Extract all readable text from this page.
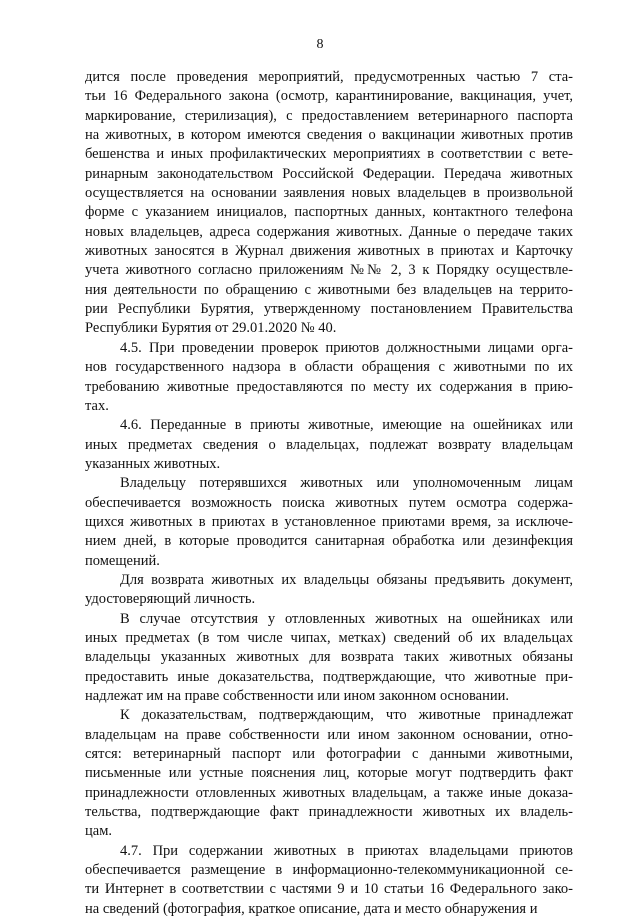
8
дится после проведения мероприятий, предусмотренных частью 7 ста-
тьи 16 Федерального закона (осмотр, карантинирование, вакцинация, учет,
маркирование, стерилизация), с предоставлением ветеринарного паспорта
на животных, в котором имеются сведения о вакцинации животных против
бешенства и иных профилактических мероприятиях в соответствии с вете-
ринарным законодательством Российской Федерации. Передача животных
осуществляется на основании заявления новых владельцев в произвольной
форме с указанием инициалов, паспортных данных, контактного телефона
новых владельцев, адреса содержания животных. Данные о передаче таких
животных заносятся в Журнал движения животных в приютах и Карточку
учета животного согласно приложениям №№ 2, 3 к Порядку осуществле-
ния деятельности по обращению с животными без владельцев на террито-
рии Республики Бурятия, утвержденному постановлением Правительства
Республики Бурятия от 29.01.2020 № 40.
4.5. При проведении проверок приютов должностными лицами орга-
нов государственного надзора в области обращения с животными по их
требованию животные предоставляются по месту их содержания в прию-
тах.
4.6. Переданные в приюты животные, имеющие на ошейниках или
иных предметах сведения о владельцах, подлежат возврату владельцам
указанных животных.
Владельцу потерявшихся животных или уполномоченным лицам
обеспечивается возможность поиска животных путем осмотра содержа-
щихся животных в приютах в установленное приютами время, за исключе-
нием дней, в которые проводится санитарная обработка или дезинфекция
помещений.
Для возврата животных их владельцы обязаны предъявить документ,
удостоверяющий личность.
В случае отсутствия у отловленных животных на ошейниках или
иных предметах (в том числе чипах, метках) сведений об их владельцах
владельцы указанных животных для возврата таких животных обязаны
предоставить иные доказательства, подтверждающие, что животные при-
надлежат им на праве собственности или ином законном основании.
К доказательствам, подтверждающим, что животные принадлежат
владельцам на праве собственности или ином законном основании, отно-
сятся: ветеринарный паспорт или фотографии с данными животными,
письменные или устные пояснения лиц, которые могут подтвердить факт
принадлежности отловленных животных владельцам, а также иные доказа-
тельства, подтверждающие факт принадлежности животных их владель-
цам.
4.7. При содержании животных в приютах владельцами приютов
обеспечивается размещение в информационно-телекоммуникационной се-
ти Интернет в соответствии с частями 9 и 10 статьи 16 Федерального зако-
на сведений (фотография, краткое описание, дата и место обнаружения и
